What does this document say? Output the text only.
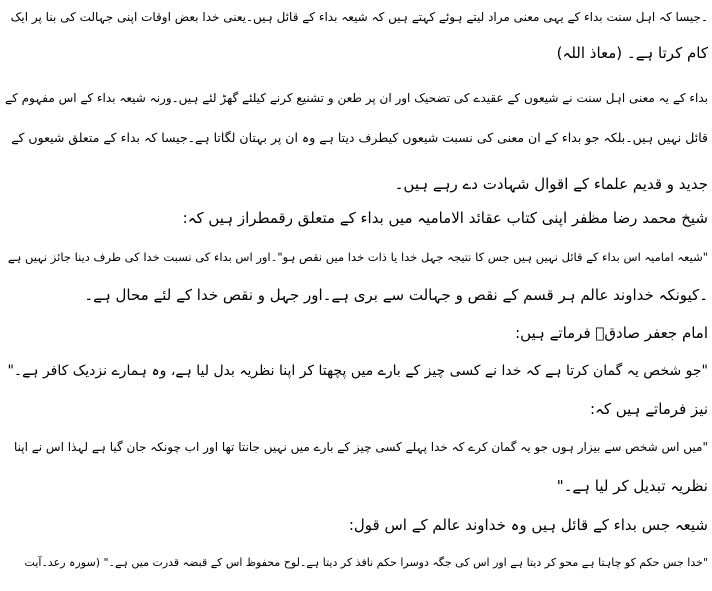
۔جیسا کہ اہل سنت بداء کے یہی معنی مراد لیتے ہوئے کہتے ہیں کہ شیعہ بداء کے قائل ہیں۔یعنی خدا بعض اوقات اپنی جہالت کی بنا پر ایک
کام کرتا ہے۔ (معاذ اللہ)
بداء کے یہ معنی اہل سنت نے شیعوں کے عقیدے کی تضحیک اور ان پر طعن و تشنیع کرنے کیلئے گھڑ لئے ہیں۔ورنہ شیعہ بداء کے اس مفہوم کے
قائل نہیں ہیں۔بلکہ جو بداء کے ان معنی کی نسبت شیعوں کیطرف دیتا ہے وہ ان پر بہتان لگاتا ہے۔جیسا کہ بداء کے متعلق شیعوں کے
جدید و قدیم علماء کے اقوال شہادت دے رہے ہیں۔
شیخ محمد رضا مظفر اپنی کتاب عقائد الامامیہ میں بداء کے متعلق رقمطراز ہیں کہ:
"شیعہ امامیہ اس بداء کے قائل نہیں ہیں جس کا نتیجہ جہل خدا یا ذات خدا میں نقص ہو"۔اور اس بداء کی نسبت خدا کی طرف دینا جائز نہیں ہے
۔کیونکہ خداوند عالم ہر قسم کے نقص و جہالت سے بری ہے۔اور جہل و نقص خدا کے لئے محال ہے۔
امام جعفر صادقؑ فرماتے ہیں:
"جو شخص یہ گمان کرتا ہے کہ خدا نے کسی چیز کے بارے میں پچھتا کر اپنا نظریہ بدل لیا ہے، وہ ہمارے نزدیک کافر ہے۔"
نیز فرماتے ہیں کہ:
"میں اس شخص سے بیزار ہوں جو یہ گمان کرے کہ خدا پہلے کسی چیز کے بارے میں نہیں جانتا تھا اور اب چونکہ جان گیا ہے لہذا اس نے اپنا
نظریہ تبدیل کر لیا ہے۔"
شیعہ جس بداء کے قائل ہیں وہ خداوند عالم کے اس قول:
"خدا جس حکم کو چاہتا ہے محو کر دیتا ہے اور اس کی جگہ دوسرا حکم نافذ کر دیتا ہے۔لوح محفوظ اس کے قبضہ قدرت میں ہے۔" (سورہ رعد۔آیت
